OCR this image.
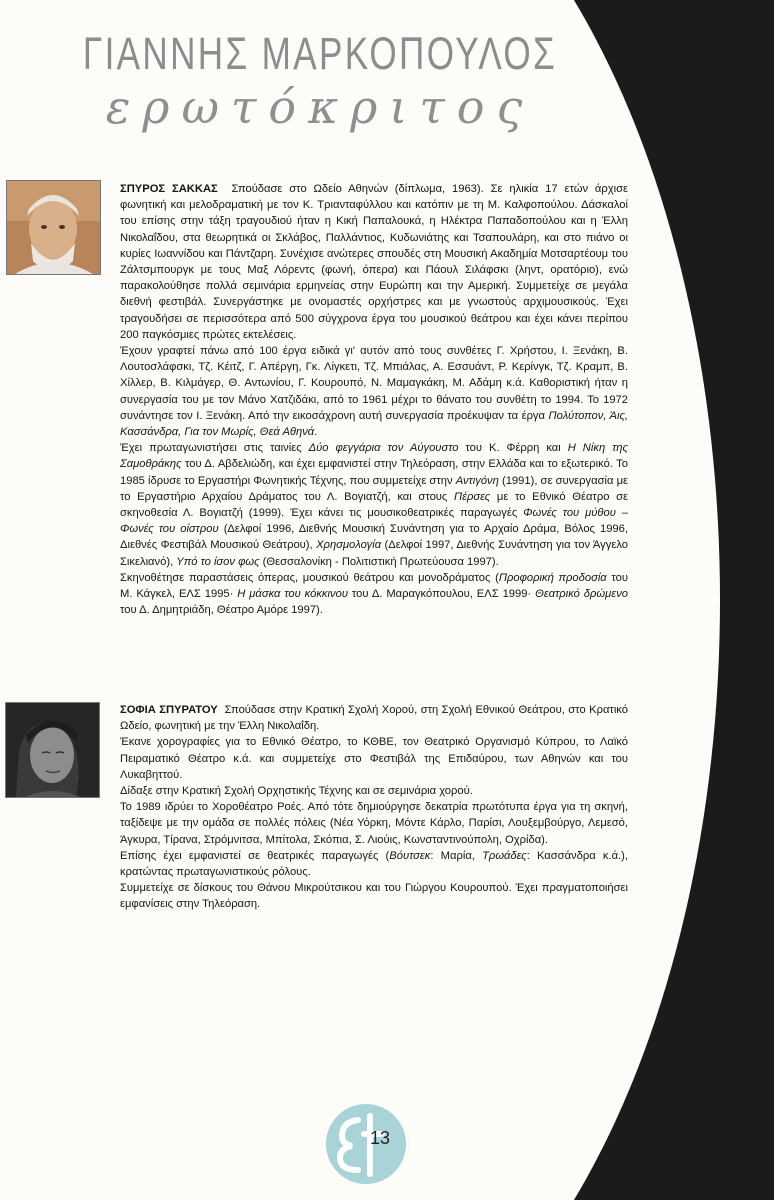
ΓΙΑΝΝΗΣ ΜΑΡΚΟΠΟΥΛΟΣ
ερωτόκριτος

ΣΠΥΡΟΣ ΣΑΚΚΑΣ Σπούδασε στο Ωδείο Αθηνών (δίπλωμα, 1963). Σε ηλικία 17 ετών άρχισε φωνητική και μελοδραματική με τον Κ. Τριανταφύλλου και κατόπιν με τη Μ. Καλφοπούλου. Δάσκαλοί του επίσης στην τάξη τραγουδιού ήταν η Κική Παπαλουκά, η Ηλέκτρα Παπαδοπούλου και η Έλλη Νικολαΐδου, στα θεωρητικά οι Σκλάβος, Παλλάντιος, Κυδωνιάτης και Τσαπουλάρη, και στο πιάνο οι κυρίες Ιωαννίδου και Πάντζαρη. Συνέχισε ανώτερες σπουδές στη Μουσική Ακαδημία Μοτσαρτέουμ του Ζάλτσμπουργκ με τους Μαξ Λόρεντς (φωνή, όπερα) και Πάουλ Σιλάφσκι (ληντ, ορατόριο), ενώ παρακολούθησε πολλά σεμινάρια ερμηνείας στην Ευρώπη και την Αμερική. Συμμετείχε σε μεγάλα διεθνή φεστιβάλ. Συνεργάστηκε με ονομαστές ορχήστρες και με γνωστούς αρχιμουσικούς. Έχει τραγουδήσει σε περισσότερα από 500 σύγχρονα έργα του μουσικού θεάτρου και έχει κάνει περίπου 200 παγκόσμιες πρώτες εκτελέσεις.

Έχουν γραφτεί πάνω από 100 έργα ειδικά γι' αυτόν από τους συνθέτες Γ. Χρήστου, Ι. Ξενάκη, Β. Λουτοσλάφσκι, Τζ. Κέιτζ, Γ. Απέργη, Γκ. Λίγκετι, Τζ. Μπιάλας, Α. Εσσυάντ, Ρ. Κερίνγκ, Τζ. Κραμπ, Β. Χίλλερ, Β. Κιλμάγερ, Θ. Αντωνίου, Γ. Κουρουπό, Ν. Μαμαγκάκη, Μ. Αδάμη κ.ά. Καθοριστική ήταν η συνεργασία του με τον Μάνο Χατζιδάκι, από το 1961 μέχρι το θάνατο του συνθέτη το 1994. Το 1972 συνάντησε τον Ι. Ξενάκη. Από την εικοσάχρονη αυτή συνεργασία προέκυψαν τα έργα Πολύτοπον, Άις, Κασσάνδρα, Για τον Μωρίς, Θεά Αθηνά.

Έχει πρωταγωνιστήσει στις ταινίες Δύο φεγγάρια τον Αύγουστο του Κ. Φέρρη και Η Νίκη της Σαμοθράκης του Δ. Αβδελιώδη, και έχει εμφανιστεί στην Τηλεόραση, στην Ελλάδα και το εξωτερικό. Το 1985 ίδρυσε το Εργαστήρι Φωνητικής Τέχνης, που συμμετείχε στην Αντιγόνη (1991), σε συνεργασία με το Εργαστήριο Αρχαίου Δράματος του Λ. Βογιατζή, και στους Πέρσες με το Εθνικό Θέατρο σε σκηνοθεσία Λ. Βογιατζή (1999). Έχει κάνει τις μουσικοθεατρικές παραγωγές Φωνές του μύθου – Φωνές του οίστρου (Δελφοί 1996, Διεθνής Μουσική Συνάντηση για το Αρχαίο Δράμα, Βόλος 1996, Διεθνές Φεστιβάλ Μουσικού Θεάτρου), Χρησμολογία (Δελφοί 1997, Διεθνής Συνάντηση για τον Άγγελο Σικελιανό), Υπό το ίσον φως (Θεσσαλονίκη - Πολιτιστική Πρωτεύουσα 1997).

Σκηνοθέτησε παραστάσεις όπερας, μουσικού θεάτρου και μονοδράματος (Προφορική προδοσία του Μ. Κάγκελ, ΕΛΣ 1995· Η μάσκα του κόκκινου του Δ. Μαραγκόπουλου, ΕΛΣ 1999· Θεατρικό δρώμενο του Δ. Δημητριάδη, Θέατρο Αμόρε 1997).

ΣΟΦΙΑ ΣΠΥΡΑΤΟΥ Σπούδασε στην Κρατική Σχολή Χορού, στη Σχολή Εθνικού Θεάτρου, στο Κρατικό Ωδείο, φωνητική με την Έλλη Νικολαΐδη.

Έκανε χορογραφίες για το Εθνικό Θέατρο, το ΚΘΒΕ, τον Θεατρικό Οργανισμό Κύπρου, το Λαϊκό Πειραματικό Θέατρο κ.ά. και συμμετείχε στο Φεστιβάλ της Επιδαύρου, των Αθηνών και του Λυκαβηττού.

Δίδαξε στην Κρατική Σχολή Ορχηστικής Τέχνης και σε σεμινάρια χορού.

Το 1989 ιδρύει το Χοροθέατρο Ροές. Από τότε δημιούργησε δεκατρία πρωτότυπα έργα για τη σκηνή, ταξίδεψε με την ομάδα σε πολλές πόλεις (Νέα Υόρκη, Μόντε Κάρλο, Παρίσι, Λουξεμβούργο, Λεμεσό, Άγκυρα, Τίρανα, Στρόμνιτσα, Μπίτολα, Σκόπια, Σ. Λιούις, Κωνσταντινούπολη, Οχρίδα).

Επίσης έχει εμφανιστεί σε θεατρικές παραγωγές (Βόυτσεκ: Μαρία, Τρωάδες: Κασσάνδρα κ.ά.), κρατώντας πρωταγωνιστικούς ρόλους.

Συμμετείχε σε δίσκους του Θάνου Μικρούτσικου και του Γιώργου Κουρουπού. Έχει πραγματοποιήσει εμφανίσεις στην Τηλεόραση.

13
